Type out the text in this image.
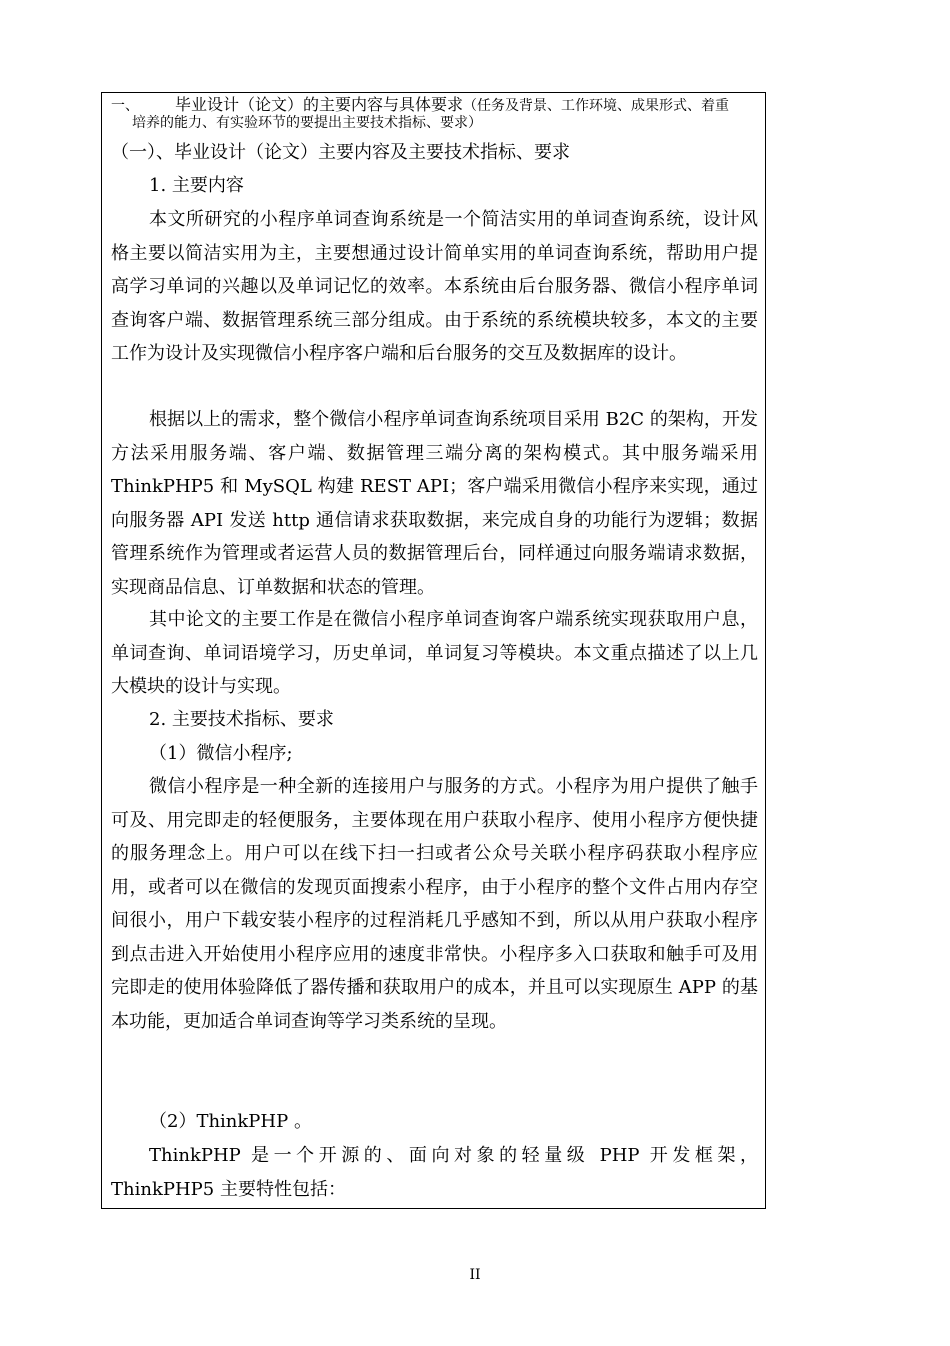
一、 毕业设计（论文）的主要内容与具体要求（任务及背景、工作环境、成果形式、着重
培养的能力、有实验环节的要提出主要技术指标、要求）

（一）、毕业设计（论文）主要内容及主要技术指标、要求

1. 主要内容

本文所研究的小程序单词查询系统是一个简洁实用的单词查询系统，设计风格主要以简洁实用为主，主要想通过设计简单实用的单词查询系统，帮助用户提高学习单词的兴趣以及单词记忆的效率。本系统由后台服务器、微信小程序单词查询客户端、数据管理系统三部分组成。由于系统的系统模块较多，本文的主要工作为设计及实现微信小程序客户端和后台服务的交互及数据库的设计。

根据以上的需求，整个微信小程序单词查询系统项目采用 B2C 的架构，开发方法采用服务端、客户端、数据管理三端分离的架构模式。其中服务端采用 ThinkPHP5 和 MySQL 构建 REST API；客户端采用微信小程序来实现，通过向服务器 API 发送 http 通信请求获取数据，来完成自身的功能行为逻辑；数据管理系统作为管理或者运营人员的数据管理后台，同样通过向服务端请求数据，实现商品信息、订单数据和状态的管理。

其中论文的主要工作是在微信小程序单词查询客户端系统实现获取用户息，单词查询、单词语境学习，历史单词，单词复习等模块。本文重点描述了以上几大模块的设计与实现。

2. 主要技术指标、要求

（1）微信小程序;

微信小程序是一种全新的连接用户与服务的方式。小程序为用户提供了触手可及、用完即走的轻便服务，主要体现在用户获取小程序、使用小程序方便快捷的服务理念上。用户可以在线下扫一扫或者公众号关联小程序码获取小程序应用，或者可以在微信的发现页面搜索小程序，由于小程序的整个文件占用内存空间很小，用户下载安装小程序的过程消耗几乎感知不到，所以从用户获取小程序到点击进入开始使用小程序应用的速度非常快。小程序多入口获取和触手可及用完即走的使用体验降低了器传播和获取用户的成本，并且可以实现原生 APP 的基本功能，更加适合单词查询等学习类系统的呈现。

（2）ThinkPHP 。

ThinkPHP 是一个开源的、面向对象的轻量级 PHP 开发框架，ThinkPHP5 主要特性包括：

II
